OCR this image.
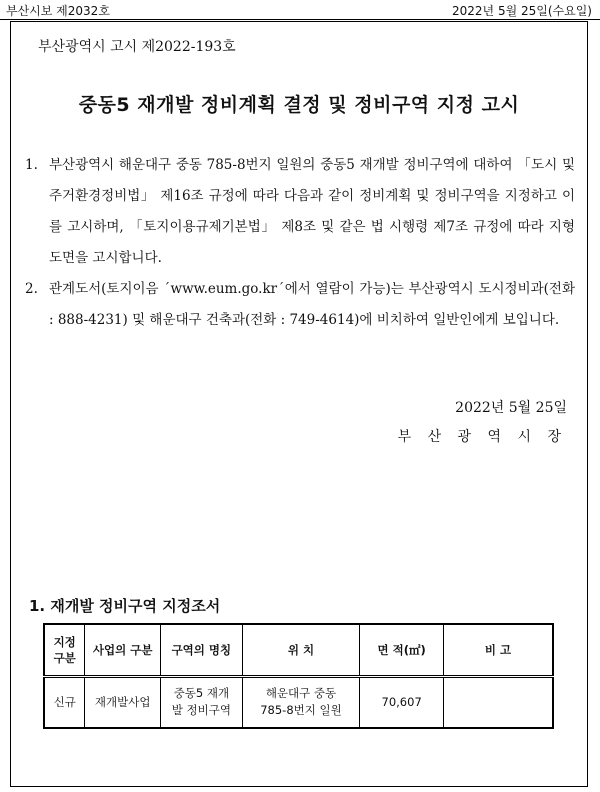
부산시보 제2032호	2022년 5월 25일(수요일)
부산광역시 고시 제2022-193호
중동5 재개발 정비계획 결정 및 정비구역 지정 고시
1. 부산광역시 해운대구 중동 785-8번지 일원의 중동5 재개발 정비구역에 대하여 「도시 및 주거환경정비법」 제16조 규정에 따라 다음과 같이 정비계획 및 정비구역을 지정하고 이를 고시하며, 「토지이용규제기본법」 제8조 및 같은 법 시행령 제7조 규정에 따라 지형도면을 고시합니다.
2. 관계도서(토지이음 ˊwww.eum.go.krˊ에서 열람이 가능)는 부산광역시 도시정비과(전화 : 888-4231) 및 해운대구 건축과(전화 : 749-4614)에 비치하여 일반인에게 보입니다.
2022년 5월 25일
부 산 광 역 시 장
1. 재개발 정비구역 지정조서
지정 구분	사업의 구분	구역의 명칭	위 치	면 적(㎡)	비 고
신규	재개발사업	중동5 재개발 정비구역	해운대구 중동 785-8번지 일원	70,607	
